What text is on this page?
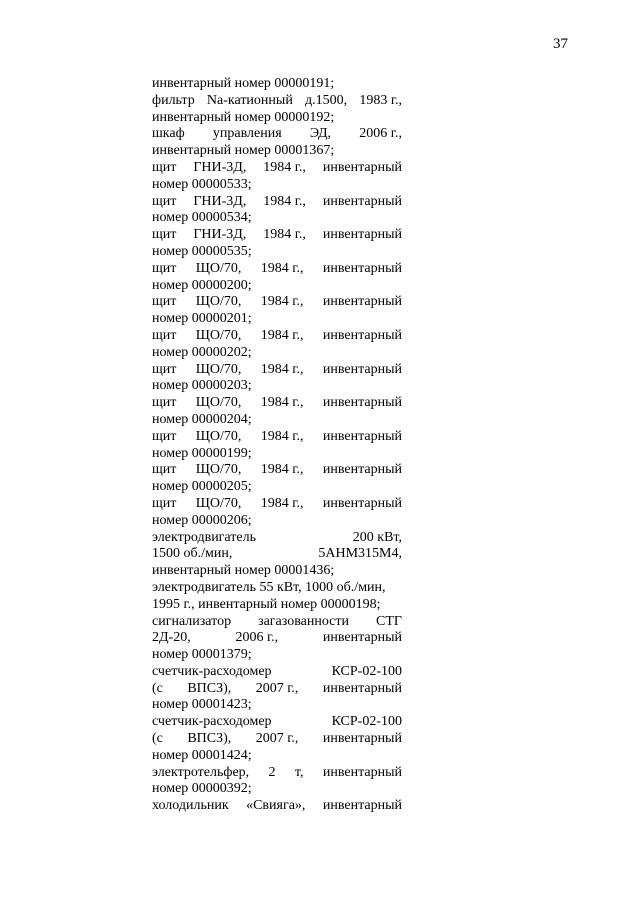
37
инвентарный номер 00000191;
фильтр Na-катионный д.1500, 1983 г.,
инвентарный номер 00000192;
шкаф управления ЭД, 2006 г.,
инвентарный номер 00001367;
щит ГНИ-3Д, 1984 г., инвентарный
номер 00000533;
щит ГНИ-3Д, 1984 г., инвентарный
номер 00000534;
щит ГНИ-3Д, 1984 г., инвентарный
номер 00000535;
щит ЩО/70, 1984 г., инвентарный
номер 00000200;
щит ЩО/70, 1984 г., инвентарный
номер 00000201;
щит ЩО/70, 1984 г., инвентарный
номер 00000202;
щит ЩО/70, 1984 г., инвентарный
номер 00000203;
щит ЩО/70, 1984 г., инвентарный
номер 00000204;
щит ЩО/70, 1984 г., инвентарный
номер 00000199;
щит ЩО/70, 1984 г., инвентарный
номер 00000205;
щит ЩО/70, 1984 г., инвентарный
номер 00000206;
электродвигатель	200 кВт,
1500 об./мин,	5АНМ315М4,
инвентарный номер 00001436;
электродвигатель 55 кВт, 1000 об./мин,
1995 г., инвентарный номер 00000198;
сигнализатор загазованности СТГ
2Д-20,	2006 г.,	инвентарный
номер 00001379;
счетчик-расходомер	КСР-02-100
(с ВПСЗ), 2007 г., инвентарный
номер 00001423;
счетчик-расходомер	КСР-02-100
(с ВПСЗ), 2007 г., инвентарный
номер 00001424;
электротельфер, 2 т, инвентарный
номер 00000392;
холодильник «Свияга», инвентарный
